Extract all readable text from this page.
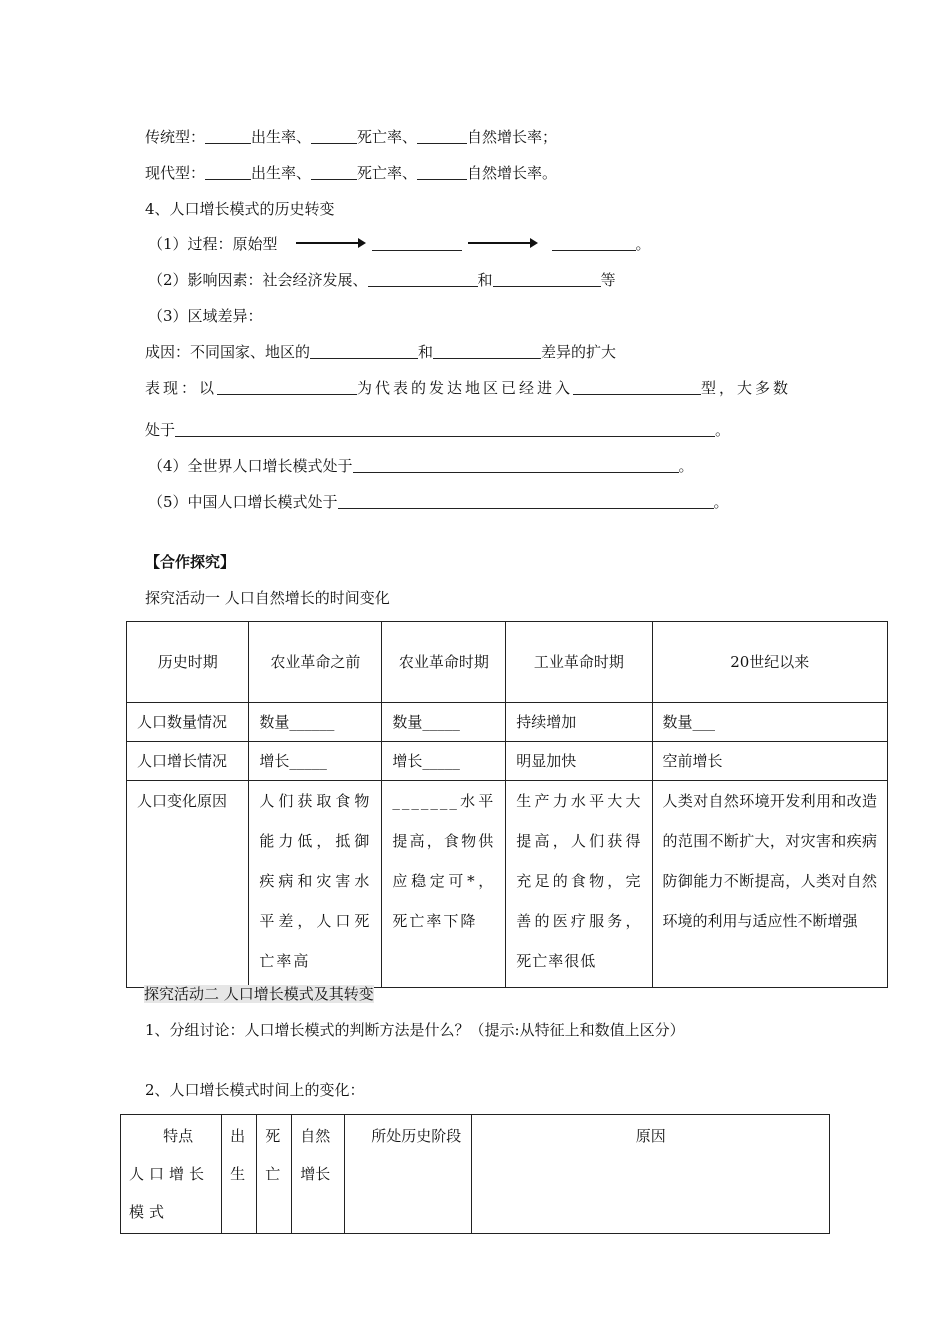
传统型：	出生率、	死亡率、	自然增长率；
现代型：	出生率、	死亡率、	自然增长率。
4、人口增长模式的历史转变
（1）过程：原始型	。
（2）影响因素：社会经济发展、	和	等
（3）区域差异：
成因：不同国家、地区的	和	差异的扩大
表现：以	为代表的发达地区已经进入	型，大多数
处于	。
（4）全世界人口增长模式处于	。
（5）中国人口增长模式处于	。
【合作探究】
探究活动一 人口自然增长的时间变化
历史时期	农业革命之前	农业革命时期	工业革命时期	20世纪以来
人口数量情况	数量______	数量_____	持续增加	数量___
人口增长情况	增长_____	增长_____	明显加快	空前增长
人口变化原因	人们获取食物能力低，抵御疾病和灾害水平差，人口死亡率高	_______水平提高，食物供应稳定可*，死亡率下降	生产力水平大大提高，人们获得充足的食物，完善的医疗服务，死亡率很低	人类对自然环境开发利用和改造的范围不断扩大，对灾害和疾病防御能力不断提高，人类对自然环境的利用与适应性不断增强
探究活动二 人口增长模式及其转变
1、分组讨论：人口增长模式的判断方法是什么？（提示:从特征上和数值上区分）
2、人口增长模式时间上的变化：
特点
人口增长模式
	出生	死亡	自然增长	所处历史阶段	原因
